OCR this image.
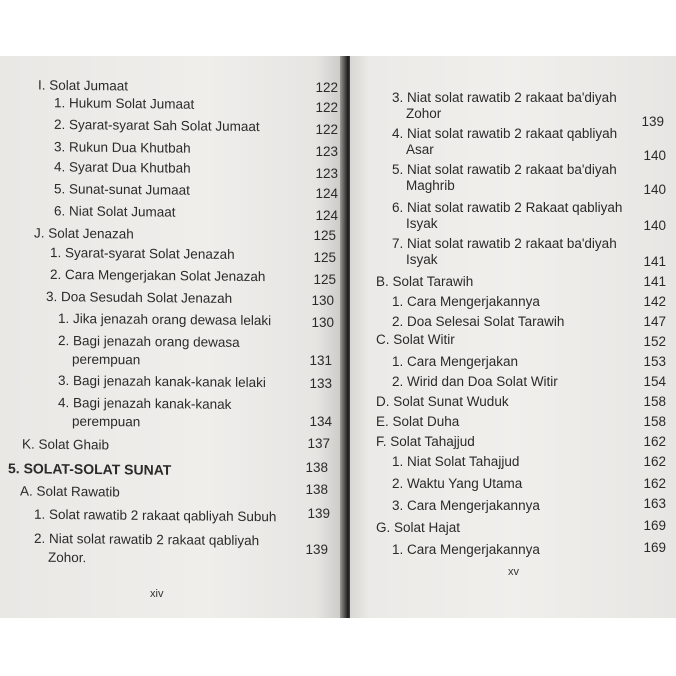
I. Solat Jumaat	122
1. Hukum Solat Jumaat	122
2. Syarat-syarat Sah Solat Jumaat	122
3. Rukun Dua Khutbah	123
4. Syarat Dua Khutbah	123
5. Sunat-sunat Jumaat	124
6. Niat Solat Jumaat	124
J. Solat Jenazah	125
1. Syarat-syarat Solat Jenazah	125
2. Cara Mengerjakan Solat Jenazah	125
3. Doa Sesudah Solat Jenazah	130
1. Jika jenazah orang dewasa lelaki	130
2. Bagi jenazah orang dewasa
perempuan	131
3. Bagi jenazah kanak-kanak lelaki	133
4. Bagi jenazah kanak-kanak
perempuan	134
K. Solat Ghaib	137
5. SOLAT-SOLAT SUNAT	138
A. Solat Rawatib	138
1. Solat rawatib 2 rakaat qabliyah Subuh	139
2. Niat solat rawatib 2 rakaat qabliyah
Zohor.
139
xiv
3. Niat solat rawatib 2 rakaat ba'diyah
Zohor
139
4. Niat solat rawatib 2 rakaat qabliyah
Asar	140
5. Niat solat rawatib 2 rakaat ba'diyah
Maghrib	140
6. Niat solat rawatib 2 Rakaat qabliyah
Isyak	140
7. Niat solat rawatib 2 rakaat ba'diyah
Isyak	141
B. Solat Tarawih	141
1. Cara Mengerjakannya	142
2. Doa Selesai Solat Tarawih	147
C. Solat Witir	152
1. Cara Mengerjakan	153
2. Wirid dan Doa Solat Witir	154
D. Solat Sunat Wuduk	158
E. Solat Duha	158
F. Solat Tahajjud	162
1. Niat Solat Tahajjud	162
2. Waktu Yang Utama	162
3. Cara Mengerjakannya	163
G. Solat Hajat	169
1. Cara Mengerjakannya	169
xv
